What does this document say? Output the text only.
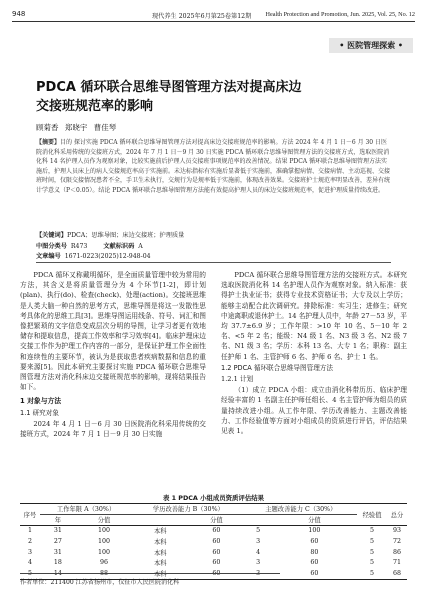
948	现代养生 2025年6月第25卷第12期 Health Protection and Promotion, Jun. 2025, Vol. 25, No. 12
• 医院管理探索 •
PDCA 循环联合思维导图管理方法对提高床边
交接班规范率的影响
顾菊香 郑晓宇 曹佳琴
【摘要】目的 探讨实施 PDCA 循环联合思维导图管理方法对提高床边交接班规范率的影响。方法 2024 年 4 月 1 日－6 月 30 日医院消化科采用传统的交接班方式，2024 年 7 月 1 日－9 月 30 日实施 PDCA 循环联合思维导图管理方法的交接班方式，选取医院消化科 14 名护理人员作为观察对象，比较实施前后护理人员交接班事项规范率的改善情况。结果 PDCA 循环联合思维导图管理方法实施后，护理人员床上的病人交接规范率高于实施前。未达标指标有实施后显著低于实施前，准确掌握病情、交接病情、主动巡视、交接班时间，仅限交接情况患者不全，手卫生未执行，交规行为是规率低于实施前，体现改善效果。交接班护士规范率明显改善，差异有统计学意义（P＜0.05）。结论 PDCA 循环联合思维导图管理方法能有效提高护理人员的床边交接班规范率，促进护理质量持续改进。
【关键词】PDCA；思维导图；床边交接班；护理质量
中图分类号 R473	文献标识码 A
文章编号 1671-0223(2025)12-948-04

PDCA 循环又称戴明循环，是全面质量管理中较为常用的方法，其含义是将质量管理分为 4 个环节[1-2]，即计划(plan)、执行(do)、检查(check)、处理(action)。交接班思维是人类大脑一种自然的思考方式，思维导图是将这一发散性思考具体化的思维工具[3]。思维导图运用线条、符号、词汇和图像把繁琐的文字信息变成层次分明的导图，让学习者更有效地储存和提取信息，提高工作效率和学习效率[4]。临床护理床边交接工作作为护理工作内容的一部分，是保证护理工作全面性和连续性的主要环节，被认为是获取患者疾病数据和信息的重要来源[5]。因此本研究主要探讨实施 PDCA 循环联合思维导图管理方法对消化科床边交接班规范率的影响，现将结果报告如下。

1 对象与方法
1.1 研究对象

2024 年 4 月 1 日－6 月 30 日医院消化科采用传统的交接班方式，2024 年 7 月 1 日－9 月 30 日实施

PDCA 循环联合思维导图管理方法的交接班方式。本研究选取医院消化科 14 名护理人员作为观察对象。纳入标准：获得护士执业证书；获得专业技术资格证书；大专及以上学历；能够主动配合此次调研究。排除标准：实习生；进修生；研究中途离职或退休护士。14 名护理人员中，年龄 27－53 岁，平均 37.7±6.9 岁；工作年限：>10 年 10 名、5－10 年 2 名、<5 年 2 名；能级：N4 级 1 名、N3 级 3 名、N2 级 7 名、N1 级 3 名；学历：本科 13 名、大专 1 名；职称：副主任护师 1 名、主管护师 6 名、护师 6 名、护士 1 名。

1.2 PDCA 循环联合思维导图管理方法
1.2.1 计划

（1）成立 PDCA 小组：成立由消化科带历历、临床护理经验丰富的 1 名副主任护师任组长、4 名主管护师为组员的质量持续改进小组。从工作年限、学历改善能力、主题改善能力、工作经验值等方面对小组成员的资质进行评估，评估结果见表 1。

表 1 PDCA 小组成员资质评估结果
序号	工作年限 A（30%）		学历改善能力 B（30%）		主题改善能力 C（30%）		经验值	总分
	年	分值		分值		分值		
1	31	100	本科	60	5	100	5	93
2	27	100	本科	60	3	60	5	72
3	31	100	本科	60	4	80	5	86
4	18	96	本科	60	3	60	5	71
5	14	88	本科	60	3	60	5	68
作者单位：211400 江苏省扬州市，仪征市人民医院消化科
